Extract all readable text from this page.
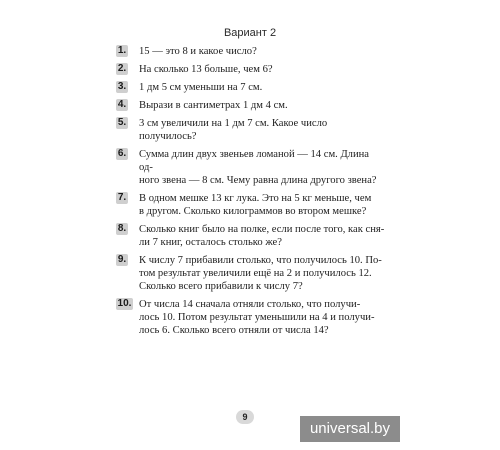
Вариант 2
1. 15 — это 8 и какое число?
2. На сколько 13 больше, чем 6?
3. 1 дм 5 см уменьши на 7 см.
4. Вырази в сантиметрах 1 дм 4 см.
5. 3 см увеличили на 1 дм 7 см. Какое число получилось?
6. Сумма длин двух звеньев ломаной — 14 см. Длина од-
ного звена — 8 см. Чему равна длина другого звена?
7. В одном мешке 13 кг лука. Это на 5 кг меньше, чем
в другом. Сколько килограммов во втором мешке?
8. Сколько книг было на полке, если после того, как сня-
ли 7 книг, осталось столько же?
9. К числу 7 прибавили столько, что получилось 10. По-
том результат увеличили ещё на 2 и получилось 12.
Сколько всего прибавили к числу 7?
10. От числа 14 сначала отняли столько, что получи-
лось 10. Потом результат уменьшили на 4 и получи-
лось 6. Сколько всего отняли от числа 14?
9
universal.by
